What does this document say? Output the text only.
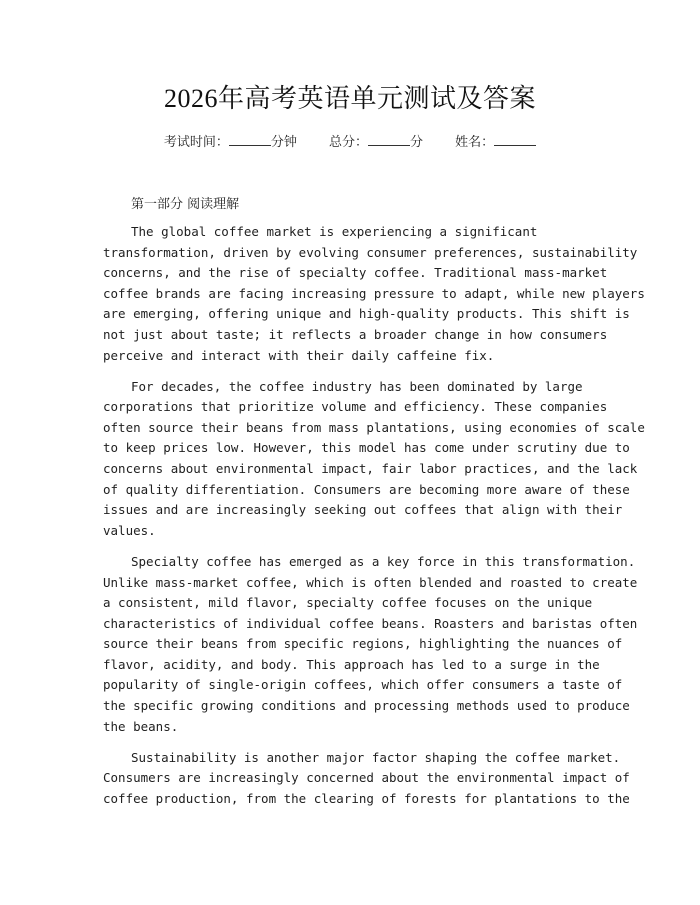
2026年高考英语单元测试及答案
考试时间：	分钟 总分：	分 姓名：
第一部分 阅读理解
The global coffee market is experiencing a significant
transformation, driven by evolving consumer preferences, sustainability
concerns, and the rise of specialty coffee. Traditional mass-market
coffee brands are facing increasing pressure to adapt, while new players
are emerging, offering unique and high-quality products. This shift is
not just about taste; it reflects a broader change in how consumers
perceive and interact with their daily caffeine fix.
For decades, the coffee industry has been dominated by large
corporations that prioritize volume and efficiency. These companies
often source their beans from mass plantations, using economies of scale
to keep prices low. However, this model has come under scrutiny due to
concerns about environmental impact, fair labor practices, and the lack
of quality differentiation. Consumers are becoming more aware of these
issues and are increasingly seeking out coffees that align with their
values.
Specialty coffee has emerged as a key force in this transformation.
Unlike mass-market coffee, which is often blended and roasted to create
a consistent, mild flavor, specialty coffee focuses on the unique
characteristics of individual coffee beans. Roasters and baristas often
source their beans from specific regions, highlighting the nuances of
flavor, acidity, and body. This approach has led to a surge in the
popularity of single-origin coffees, which offer consumers a taste of
the specific growing conditions and processing methods used to produce
the beans.
Sustainability is another major factor shaping the coffee market.
Consumers are increasingly concerned about the environmental impact of
coffee production, from the clearing of forests for plantations to the
